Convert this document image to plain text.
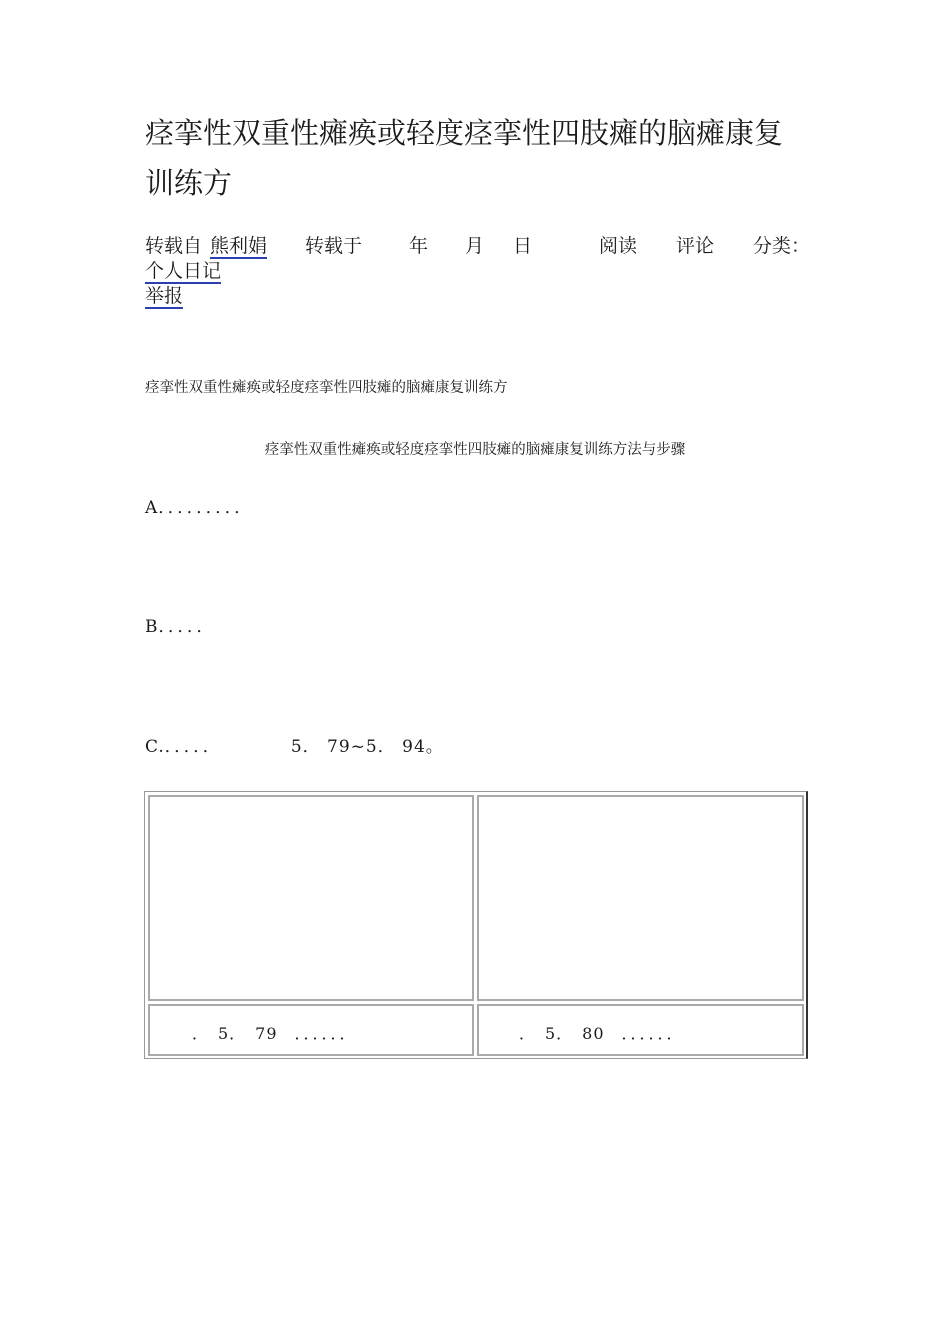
痉挛性双重性瘫痪或轻度痉挛性四肢瘫的脑瘫康复训练方
转载自 熊利娟 转载于 年 月 日	阅读 评论 分类：
个人日记
举报
痉挛性双重性瘫痪或轻度痉挛性四肢瘫的脑瘫康复训练方
痉挛性双重性瘫痪或轻度痉挛性四肢瘫的脑瘫康复训练方法与步骤
A．．．．．．．．．
B．．．．．
C.．．．．．	5． 79~5． 94。
．　5．　79　．．．．．．	．　5．　80　．．．．．．
